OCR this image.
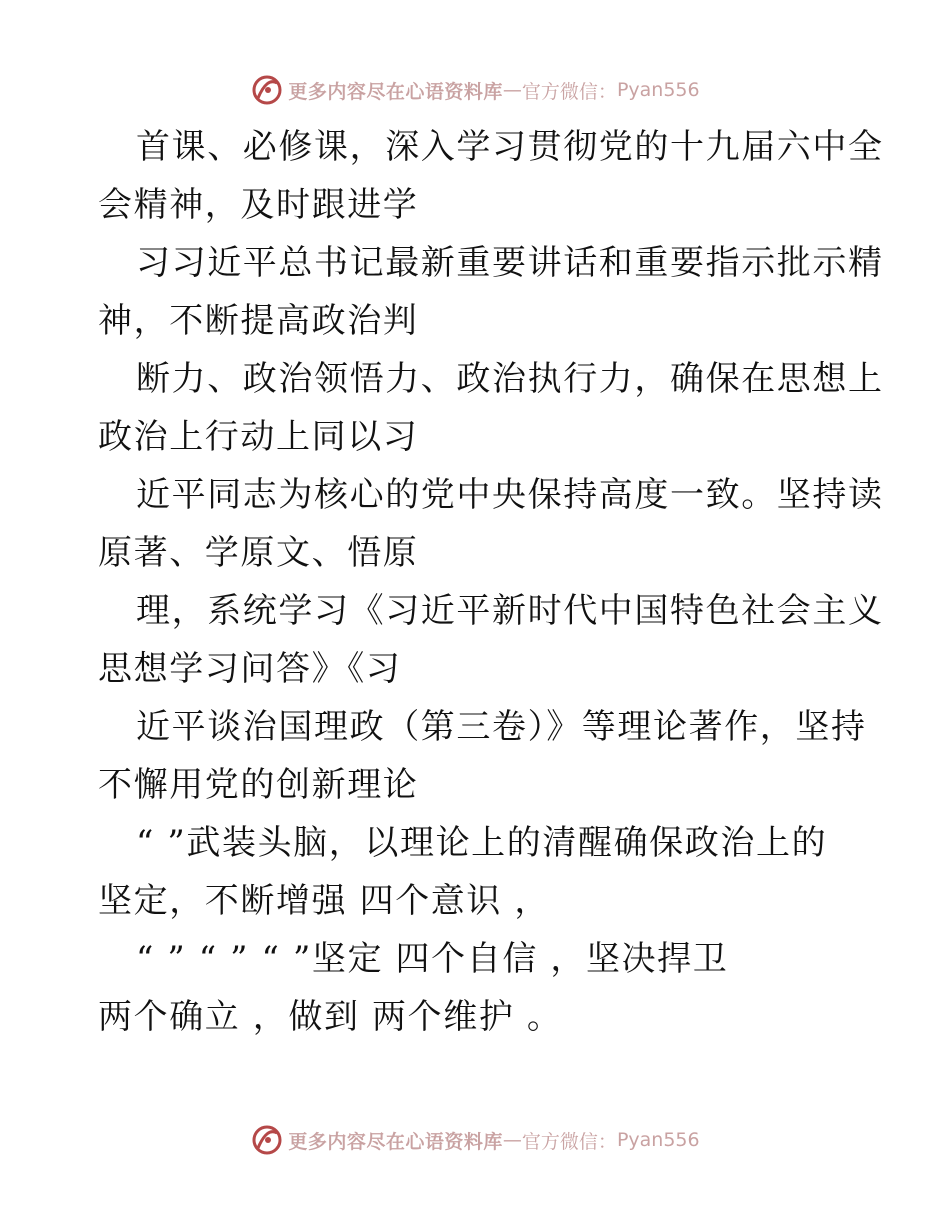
更多内容尽在心语资料库 — 官方微信： Pyan556
首课、必修课，深入学习贯彻党的十九届六中全
会精神，及时跟进学
习习近平总书记最新重要讲话和重要指示批示精
神，不断提高政治判
断力、政治领悟力、政治执行力，确保在思想上
政治上行动上同以习
近平同志为核心的党中央保持高度一致。坚持读
原著、学原文、悟原
理，系统学习《习近平新时代中国特色社会主义
思想学习问答》《习
近平谈治国理政（第三卷）》等理论著作，坚持
不懈用党的创新理论
“ ”武装头脑，以理论上的清醒确保政治上的
坚定，不断增强 四个意识 ，
“ ” “ ” “ ”坚定 四个自信 ，坚决捍卫
两个确立 ，做到 两个维护 。
更多内容尽在心语资料库 — 官方微信： Pyan556
